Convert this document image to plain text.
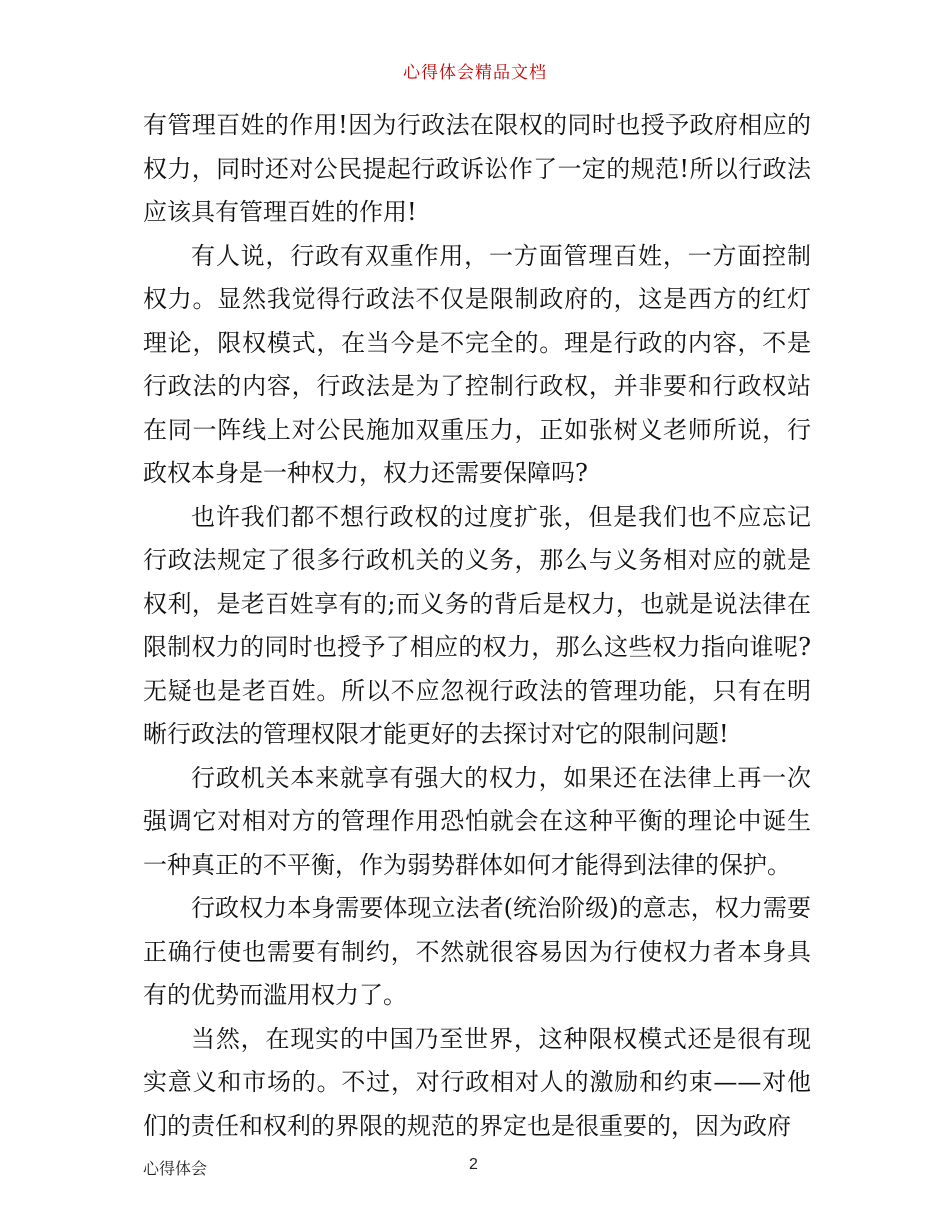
心得体会精品文档

有管理百姓的作用!因为行政法在限权的同时也授予政府相应的权力，同时还对公民提起行政诉讼作了一定的规范!所以行政法应该具有管理百姓的作用!

有人说，行政有双重作用，一方面管理百姓，一方面控制权力。显然我觉得行政法不仅是限制政府的，这是西方的红灯理论，限权模式，在当今是不完全的。理是行政的内容，不是行政法的内容，行政法是为了控制行政权，并非要和行政权站在同一阵线上对公民施加双重压力，正如张树义老师所说，行政权本身是一种权力，权力还需要保障吗?

也许我们都不想行政权的过度扩张，但是我们也不应忘记行政法规定了很多行政机关的义务，那么与义务相对应的就是权利，是老百姓享有的;而义务的背后是权力，也就是说法律在限制权力的同时也授予了相应的权力，那么这些权力指向谁呢?无疑也是老百姓。所以不应忽视行政法的管理功能，只有在明晰行政法的管理权限才能更好的去探讨对它的限制问题!

行政机关本来就享有强大的权力，如果还在法律上再一次强调它对相对方的管理作用恐怕就会在这种平衡的理论中诞生一种真正的不平衡，作为弱势群体如何才能得到法律的保护。

行政权力本身需要体现立法者(统治阶级)的意志，权力需要正确行使也需要有制约，不然就很容易因为行使权力者本身具有的优势而滥用权力了。

当然，在现实的中国乃至世界，这种限权模式还是很有现实意义和市场的。不过，对行政相对人的激励和约束——对他们的责任和权利的界限的规范的界定也是很重要的，因为政府

心得体会	2
